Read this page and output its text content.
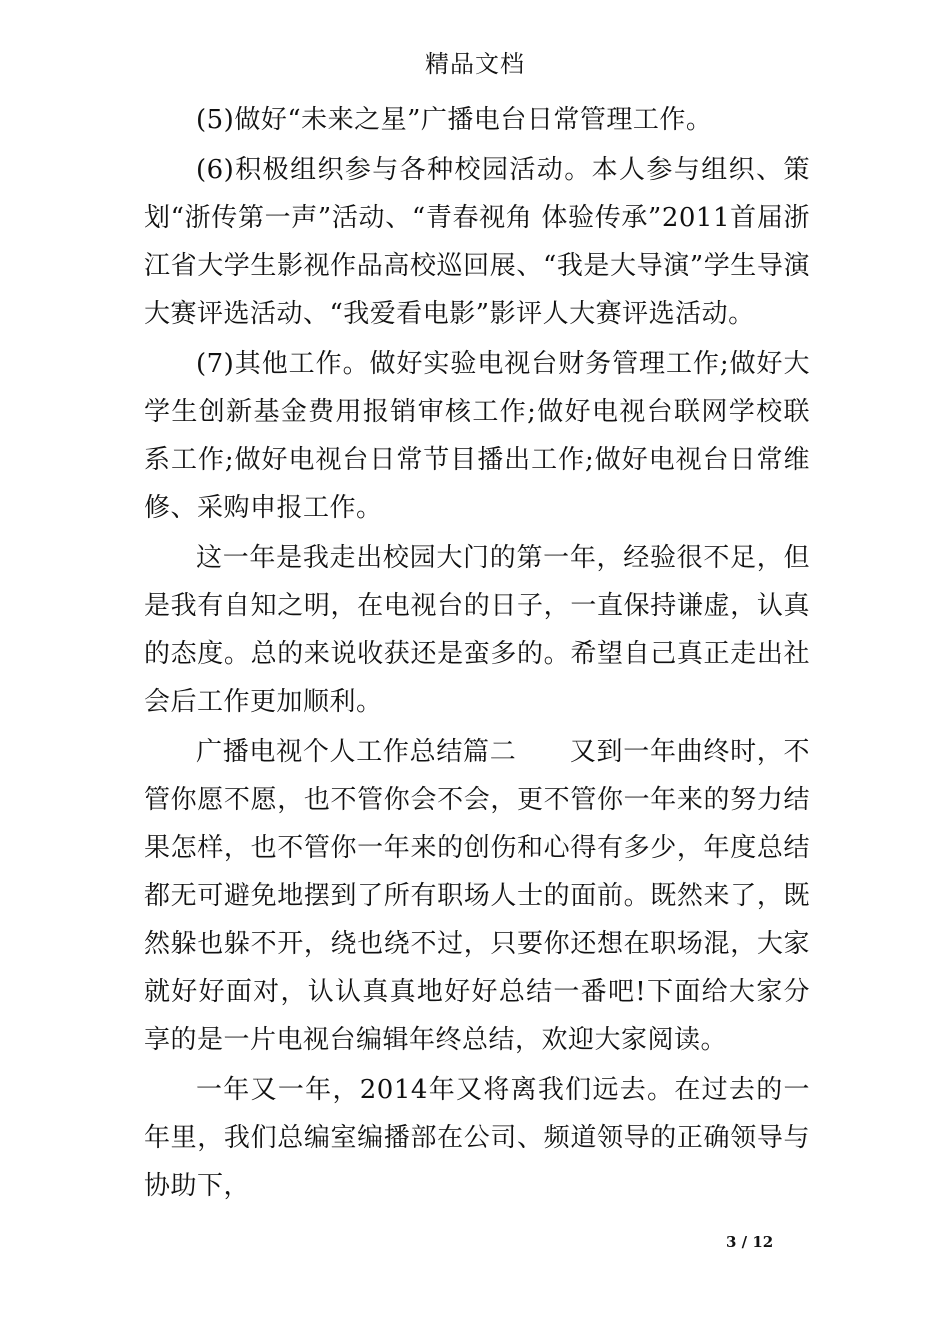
精品文档

(5)做好“未来之星”广播电台日常管理工作。

(6)积极组织参与各种校园活动。本人参与组织、策划“浙传第一声”活动、“青春视角 体验传承”2011首届浙江省大学生影视作品高校巡回展、“我是大导演”学生导演大赛评选活动、“我爱看电影”影评人大赛评选活动。

(7)其他工作。做好实验电视台财务管理工作;做好大学生创新基金费用报销审核工作;做好电视台联网学校联系工作;做好电视台日常节目播出工作;做好电视台日常维修、采购申报工作。

这一年是我走出校园大门的第一年，经验很不足，但是我有自知之明，在电视台的日子，一直保持谦虚，认真的态度。总的来说收获还是蛮多的。希望自己真正走出社会后工作更加顺利。

广播电视个人工作总结篇二　　又到一年曲终时，不管你愿不愿，也不管你会不会，更不管你一年来的努力结果怎样，也不管你一年来的创伤和心得有多少，年度总结都无可避免地摆到了所有职场人士的面前。既然来了，既然躲也躲不开，绕也绕不过，只要你还想在职场混，大家就好好面对，认认真真地好好总结一番吧!下面给大家分享的是一片电视台编辑年终总结，欢迎大家阅读。

一年又一年，2014年又将离我们远去。在过去的一年里，我们总编室编播部在公司、频道领导的正确领导与协助下，

3 / 12
